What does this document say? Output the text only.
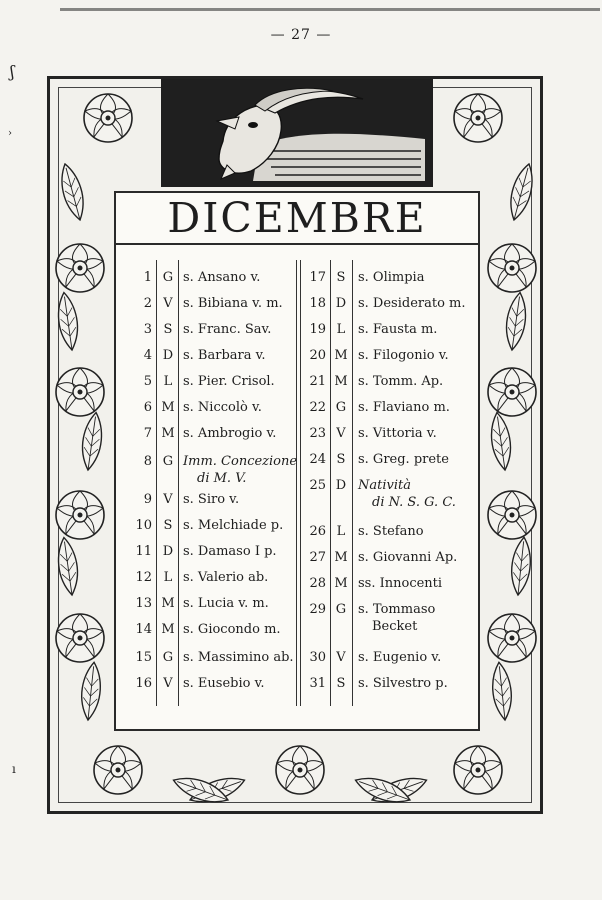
— 27 —
ʃ
›
ı
DICEMBRE
1 G s. Ansano v.
2 V s. Bibiana v. m.
3 S s. Franc. Sav.
4 D s. Barbara v.
5 L s. Pier. Crisol.
6 M s. Niccolò v.
7 M s. Ambrogio v.
8 G Imm. Concezione
di M. V.
9 V s. Siro v.
10 S s. Melchiade p.
11 D s. Damaso I p.
12 L s. Valerio ab.
13 M s. Lucia v. m.
14 M s. Giocondo m.
15 G s. Massimino ab.
16 V s. Eusebio v.
17 S s. Olimpia
18 D s. Desiderato m.
19 L s. Fausta m.
20 M s. Filogonio v.
21 M s. Tomm. Ap.
22 G s. Flaviano m.
23 V s. Vittoria v.
24 S s. Greg. prete
25 D Natività
di N. S. G. C.
26 L s. Stefano
27 M s. Giovanni Ap.
28 M ss. Innocenti
29 G s. Tommaso
Becket
30 V s. Eugenio v.
31 S s. Silvestro p.
